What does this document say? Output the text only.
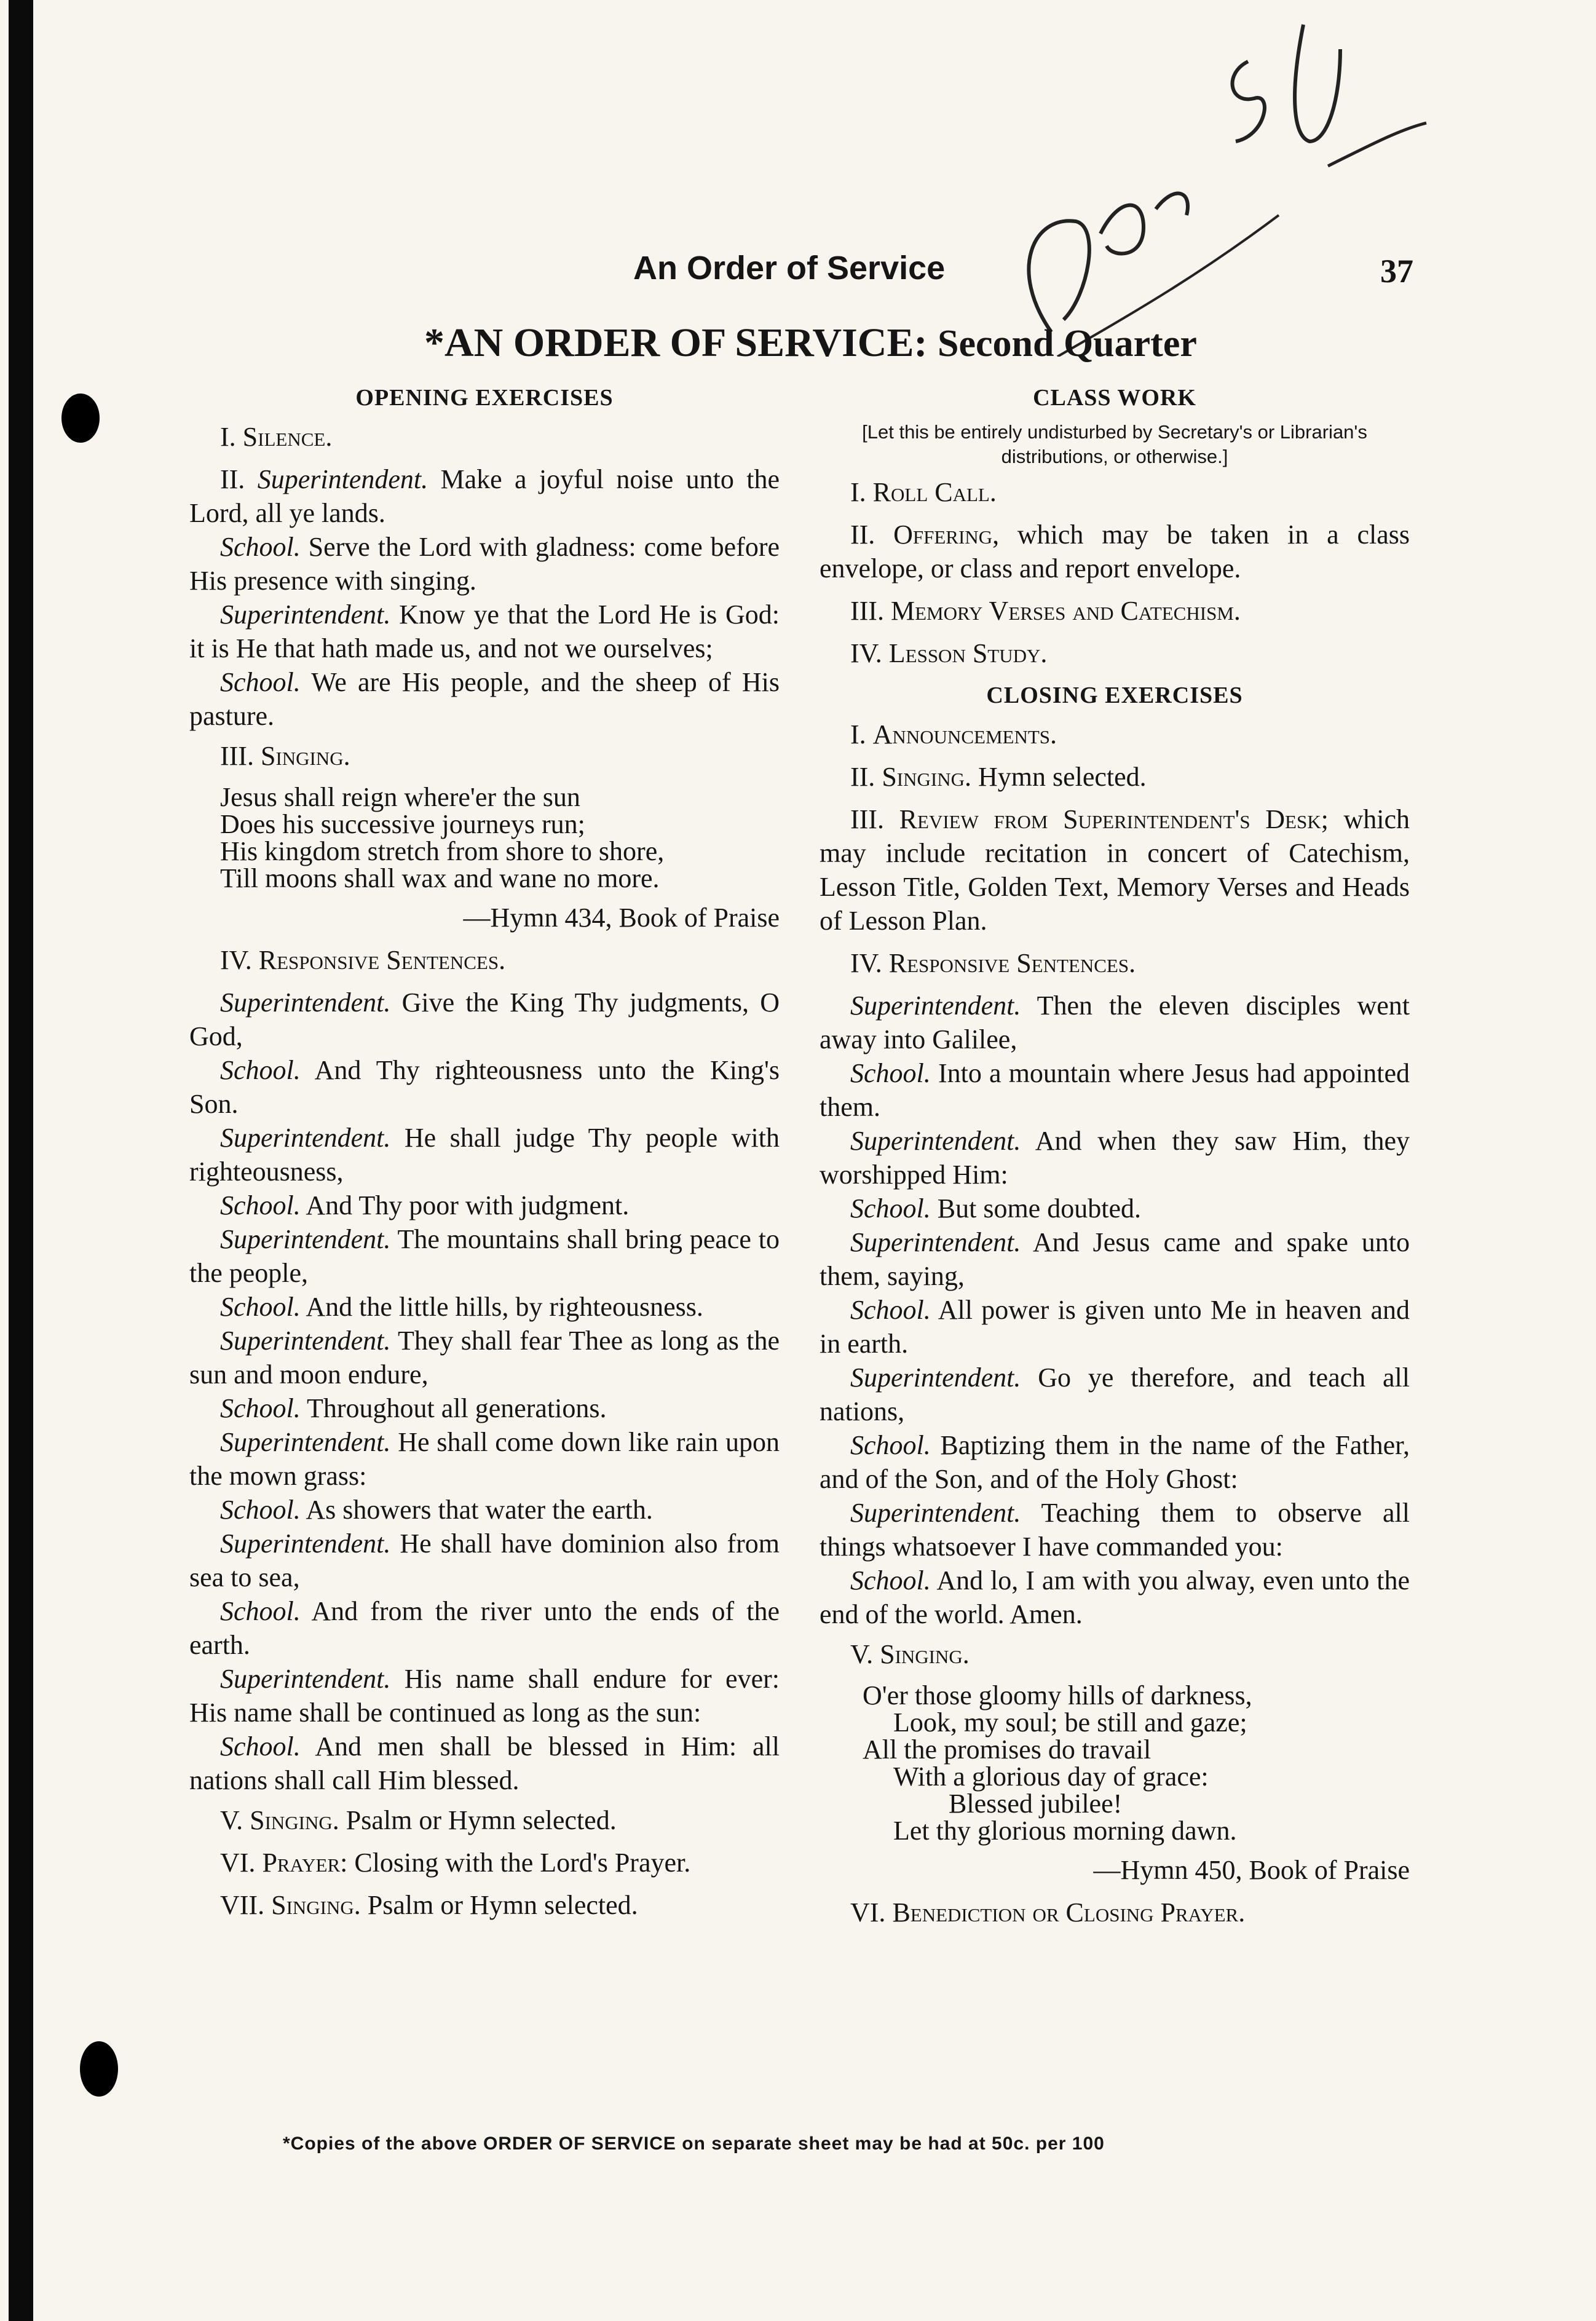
An Order of Service	37
*AN ORDER OF SERVICE: Second Quarter
OPENING EXERCISES

I. Silence.

II. Superintendent. Make a joyful noise unto the Lord, all ye lands.

School. Serve the Lord with gladness: come before His presence with singing.

Superintendent. Know ye that the Lord He is God: it is He that hath made us, and not we ourselves;

School. We are His people, and the sheep of His pasture.

III. Singing.

Jesus shall reign where'er the sun
Does his successive journeys run;
His kingdom stretch from shore to shore,
Till moons shall wax and wane no more.
—Hymn 434, Book of Praise

IV. Responsive Sentences.

Superintendent. Give the King Thy judgments, O God,

School. And Thy righteousness unto the King's Son.

Superintendent. He shall judge Thy people with righteousness,

School. And Thy poor with judgment.

Superintendent. The mountains shall bring peace to the people,

School. And the little hills, by righteousness.

Superintendent. They shall fear Thee as long as the sun and moon endure,

School. Throughout all generations.

Superintendent. He shall come down like rain upon the mown grass:

School. As showers that water the earth.

Superintendent. He shall have dominion also from sea to sea,

School. And from the river unto the ends of the earth.

Superintendent. His name shall endure for ever: His name shall be continued as long as the sun:

School. And men shall be blessed in Him: all nations shall call Him blessed.

V. Singing. Psalm or Hymn selected.

VI. Prayer: Closing with the Lord's Prayer.

VII. Singing. Psalm or Hymn selected.

CLASS WORK
[Let this be entirely undisturbed by Secretary's or Librarian's distributions, or otherwise.]

I. Roll Call.

II. Offering, which may be taken in a class envelope, or class and report envelope.

III. Memory Verses and Catechism.

IV. Lesson Study.

CLOSING EXERCISES

I. Announcements.

II. Singing. Hymn selected.

III. Review from Superintendent's Desk; which may include recitation in concert of Catechism, Lesson Title, Golden Text, Memory Verses and Heads of Lesson Plan.

IV. Responsive Sentences.

Superintendent. Then the eleven disciples went away into Galilee,

School. Into a mountain where Jesus had appointed them.

Superintendent. And when they saw Him, they worshipped Him:

School. But some doubted.

Superintendent. And Jesus came and spake unto them, saying,

School. All power is given unto Me in heaven and in earth.

Superintendent. Go ye therefore, and teach all nations,

School. Baptizing them in the name of the Father, and of the Son, and of the Holy Ghost:

Superintendent. Teaching them to observe all things whatsoever I have commanded you:

School. And lo, I am with you alway, even unto the end of the world. Amen.

V. Singing.

O'er those gloomy hills of darkness,
Look, my soul; be still and gaze;
All the promises do travail
With a glorious day of grace:
Blessed jubilee!
Let thy glorious morning dawn.
—Hymn 450, Book of Praise

VI. Benediction or Closing Prayer.

*Copies of the above ORDER OF SERVICE on separate sheet may be had at 50c. per 100
